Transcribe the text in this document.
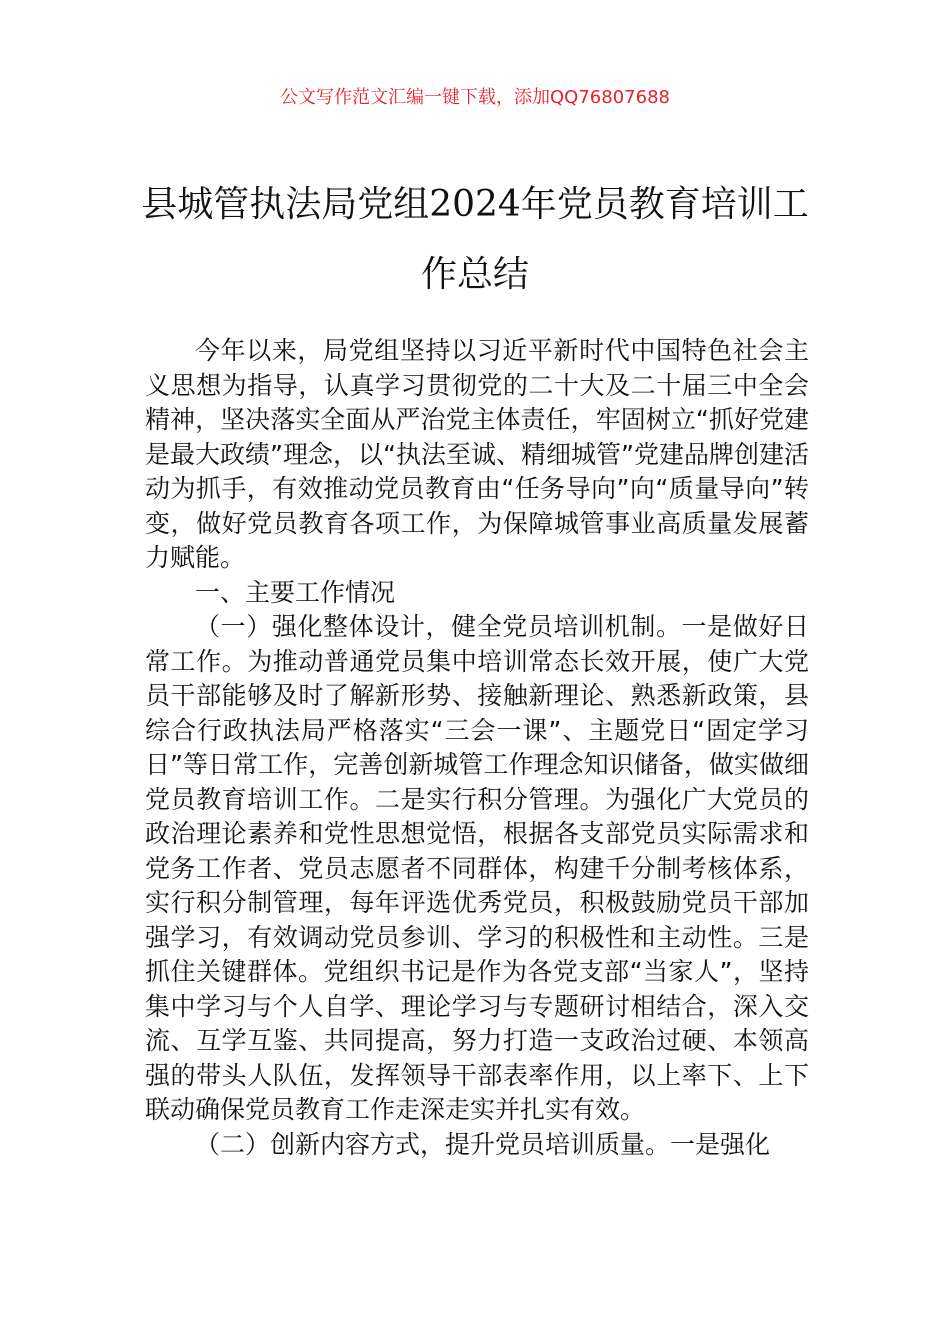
公文写作范文汇编一键下载，添加QQ76807688
县城管执法局党组2024年党员教育培训工作总结

今年以来，局党组坚持以习近平新时代中国特色社会主义思想为指导，认真学习贯彻党的二十大及二十届三中全会精神，坚决落实全面从严治党主体责任，牢固树立“抓好党建是最大政绩”理念，以“执法至诚、精细城管”党建品牌创建活动为抓手，有效推动党员教育由“任务导向”向“质量导向”转变，做好党员教育各项工作，为保障城管事业高质量发展蓄力赋能。

一、主要工作情况

（一）强化整体设计，健全党员培训机制。一是做好日常工作。为推动普通党员集中培训常态长效开展，使广大党员干部能够及时了解新形势、接触新理论、熟悉新政策，县综合行政执法局严格落实“三会一课”、主题党日“固定学习日”等日常工作，完善创新城管工作理念知识储备，做实做细党员教育培训工作。二是实行积分管理。为强化广大党员的政治理论素养和党性思想觉悟，根据各支部党员实际需求和党务工作者、党员志愿者不同群体，构建千分制考核体系，实行积分制管理，每年评选优秀党员，积极鼓励党员干部加强学习，有效调动党员参训、学习的积极性和主动性。三是抓住关键群体。党组织书记是作为各党支部“当家人”，坚持集中学习与个人自学、理论学习与专题研讨相结合，深入交流、互学互鉴、共同提高，努力打造一支政治过硬、本领高强的带头人队伍，发挥领导干部表率作用，以上率下、上下联动确保党员教育工作走深走实并扎实有效。

（二）创新内容方式，提升党员培训质量。一是强化
